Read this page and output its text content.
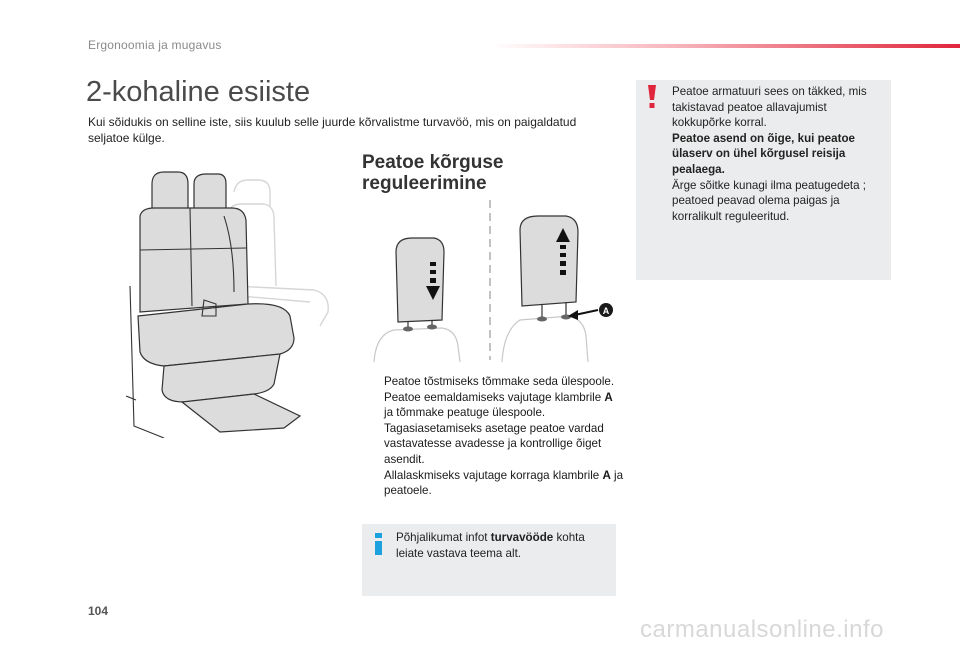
Ergonoomia ja mugavus
2-kohaline esiiste
Kui sõidukis on selline iste, siis kuulub selle juurde kõrvalistme turvavöö, mis on paigaldatud seljatoe külge.
Peatoe kõrguse
reguleerimine
A
Peatoe tõstmiseks tõmmake seda ülespoole.
Peatoe eemaldamiseks vajutage klambrile A ja tõmmake peatuge ülespoole.
Tagasiasetamiseks asetage peatoe vardad vastavatesse avadesse ja kontrollige õiget asendit.
Allalaskmiseks vajutage korraga klambrile A ja peatoele.
Põhjalikumat infot turvavööde kohta leiate vastava teema alt.
Peatoe armatuuri sees on täkked, mis takistavad peatoe allavajumist kokkupõrke korral.
Peatoe asend on õige, kui peatoe ülaserv on ühel kõrgusel reisija pealaega.
Ärge sõitke kunagi ilma peatugedeta ; peatoed peavad olema paigas ja korralikult reguleeritud.
104
carmanualsonline.info
